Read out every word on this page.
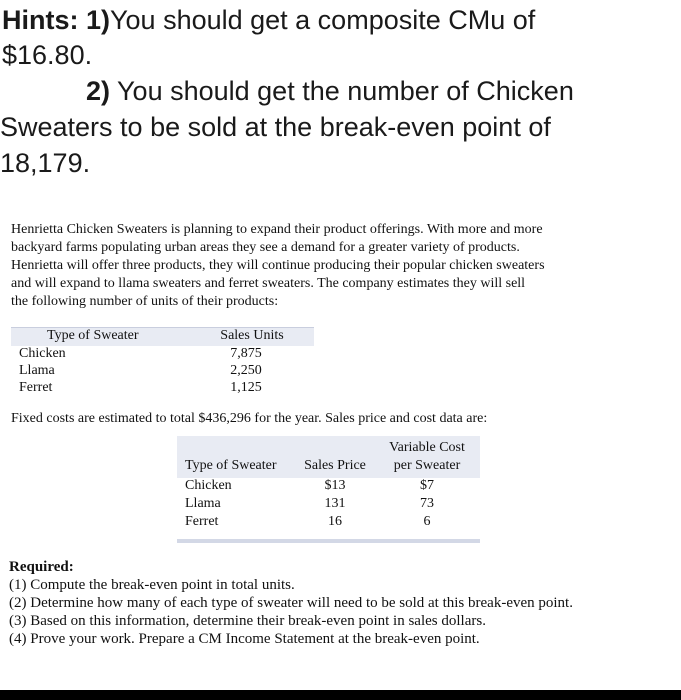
Hints: 1)You should get a composite CMu of
$16.80.
2) You should get the number of Chicken
Sweaters to be sold at the break-even point of
18,179.
Henrietta Chicken Sweaters is planning to expand their product offerings. With more and more
backyard farms populating urban areas they see a demand for a greater variety of products.
Henrietta will offer three products, they will continue producing their popular chicken sweaters
and will expand to llama sweaters and ferret sweaters. The company estimates they will sell
the following number of units of their products:
Type of Sweater	Sales Units
Chicken	7,875
Llama	2,250
Ferret	1,125
Fixed costs are estimated to total $436,296 for the year. Sales price and cost data are:
Variable Cost
Type of Sweater	Sales Price	per Sweater
Chicken	$13	$7
Llama	131	73
Ferret	16	6
Required:
(1) Compute the break-even point in total units.
(2) Determine how many of each type of sweater will need to be sold at this break-even point.
(3) Based on this information, determine their break-even point in sales dollars.
(4) Prove your work. Prepare a CM Income Statement at the break-even point.
